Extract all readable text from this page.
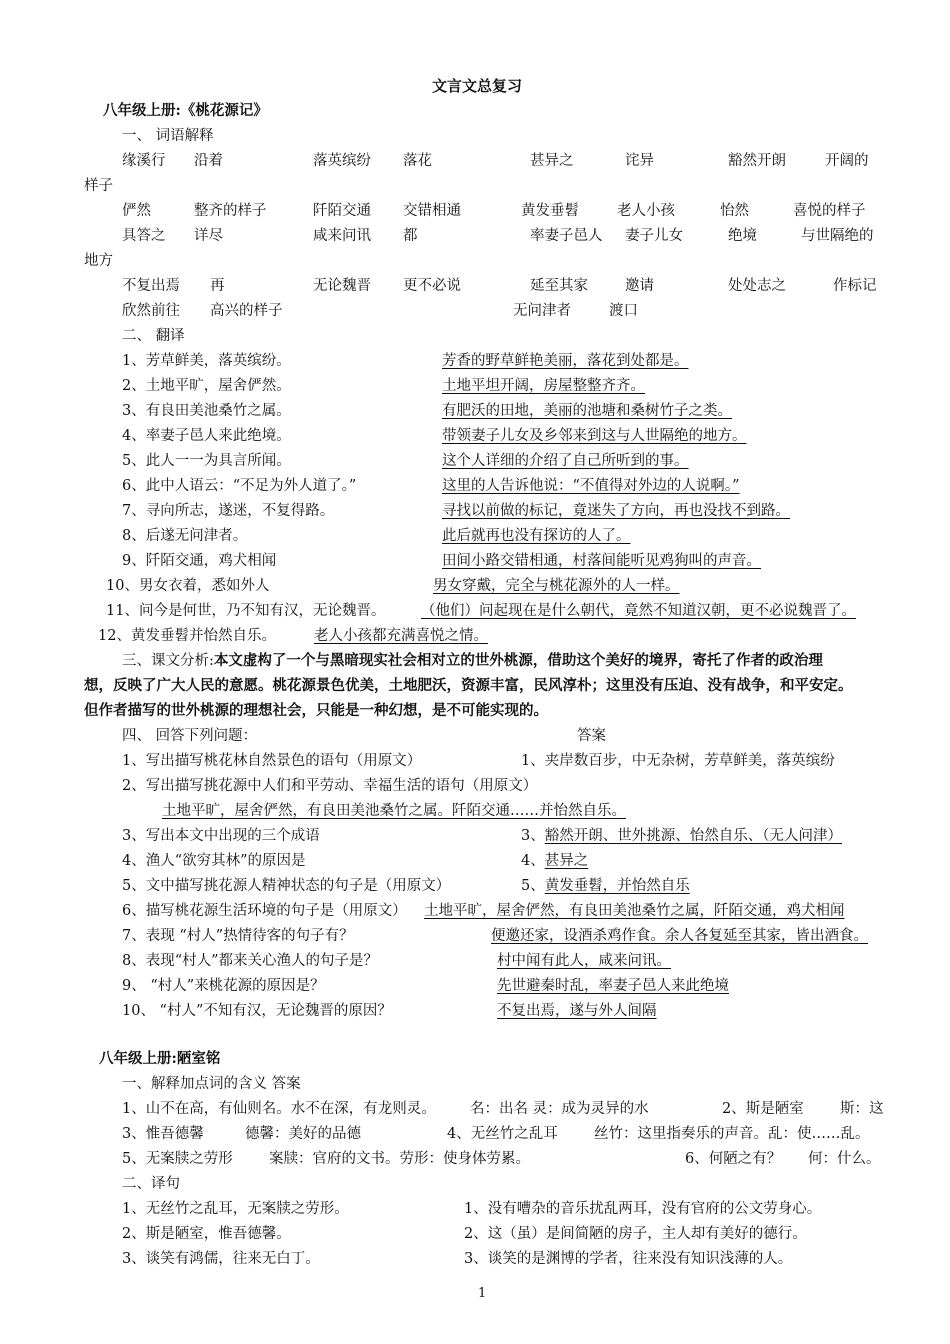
文言文总复习
八年级上册:《桃花源记》
一、 词语解释
缘溪行 沿着	落英缤纷 落花	甚异之	诧异	豁然开朗	开阔的
样子
俨然	整齐的样子	阡陌交通 交错相通	黄发垂髫	老人小孩	怡然	喜悦的样子
具答之 详尽	咸来问讯 都	率妻子邑人 妻子儿女	绝境	与世隔绝的
地方
不复出焉 再	无论魏晋 更不必说	延至其家	邀请	处处志之	作标记
欣然前往 高兴的样子	无问津者	渡口
二、 翻译
1、芳草鲜美，落英缤纷。	芳香的野草鲜艳美丽，落花到处都是。
2、土地平旷，屋舍俨然。	土地平坦开阔，房屋整整齐齐。
3、有良田美池桑竹之属。	有肥沃的田地，美丽的池塘和桑树竹子之类。
4、率妻子邑人来此绝境。	带领妻子儿女及乡邻来到这与人世隔绝的地方。
5、此人一一为具言所闻。	这个人详细的介绍了自己所听到的事。
6、此中人语云：“不足为外人道了。”	这里的人告诉他说：“不值得对外边的人说啊。”
7、寻向所志，遂迷，不复得路。	寻找以前做的标记，竟迷失了方向，再也没找不到路。
8、后遂无问津者。	此后就再也没有探访的人了。
9、阡陌交通，鸡犬相闻	田间小路交错相通，村落间能听见鸡狗叫的声音。
10、男女衣着，悉如外人	男女穿戴，完全与桃花源外的人一样。
11、问今是何世，乃不知有汉，无论魏晋。 （他们）问起现在是什么朝代，竟然不知道汉朝，更不必说魏晋了。
12、黄发垂髫并怡然自乐。	老人小孩都充满喜悦之情。
三、课文分析:本文虚构了一个与黑暗现实社会相对立的世外桃源，借助这个美好的境界，寄托了作者的政治理
想，反映了广大人民的意愿。桃花源景色优美，土地肥沃，资源丰富，民风淳朴；这里没有压迫、没有战争，和平安定。
但作者描写的世外桃源的理想社会，只能是一种幻想，是不可能实现的。
四、 回答下列问题：	答案
1、写出描写桃花林自然景色的语句（用原文）	1、夹岸数百步，中无杂树，芳草鲜美，落英缤纷
2、写出描写挑花源中人们和平劳动、幸福生活的语句（用原文）
土地平旷，屋舍俨然，有良田美池桑竹之属。阡陌交通……并怡然自乐。
3、写出本文中出现的三个成语	3、豁然开朗、世外挑源、怡然自乐、（无人问津）
4、渔人“欲穷其林”的原因是	4、甚异之
5、文中描写挑花源人精神状态的句子是（用原文）	5、黄发垂髫，并怡然自乐
6、描写桃花源生活环境的句子是（用原文） 土地平旷，屋舍俨然，有良田美池桑竹之属，阡陌交通，鸡犬相闻
7、表现 “村人”热情待客的句子有？	便邀还家，设酒杀鸡作食。余人各复延至其家，皆出酒食。
8、表现“村人”都来关心渔人的句子是？	村中闻有此人，咸来问讯。
9、 “村人”来桃花源的原因是？	先世避秦时乱，率妻子邑人来此绝境
10、 “村人”不知有汉，无论魏晋的原因？	不复出焉，遂与外人间隔
八年级上册:陋室铭
一、解释加点词的含义 答案
1、山不在高，有仙则名。水不在深，有龙则灵。 名：出名 灵：成为灵异的水	2、斯是陋室	斯：这
3、惟吾德馨	德馨：美好的品德	4、无丝竹之乱耳	丝竹：这里指奏乐的声音。乱：使……乱。
5、无案牍之劳形	案牍：官府的文书。劳形：使身体劳累。	6、何陋之有？ 何：什么。
二、译句
1、无丝竹之乱耳，无案牍之劳形。	1、没有嘈杂的音乐扰乱两耳，没有官府的公文劳身心。
2、斯是陋室，惟吾德馨。	2、这（虽）是间简陋的房子，主人却有美好的德行。
3、谈笑有鸿儒，往来无白丁。	3、谈笑的是渊博的学者，往来没有知识浅薄的人。
1
